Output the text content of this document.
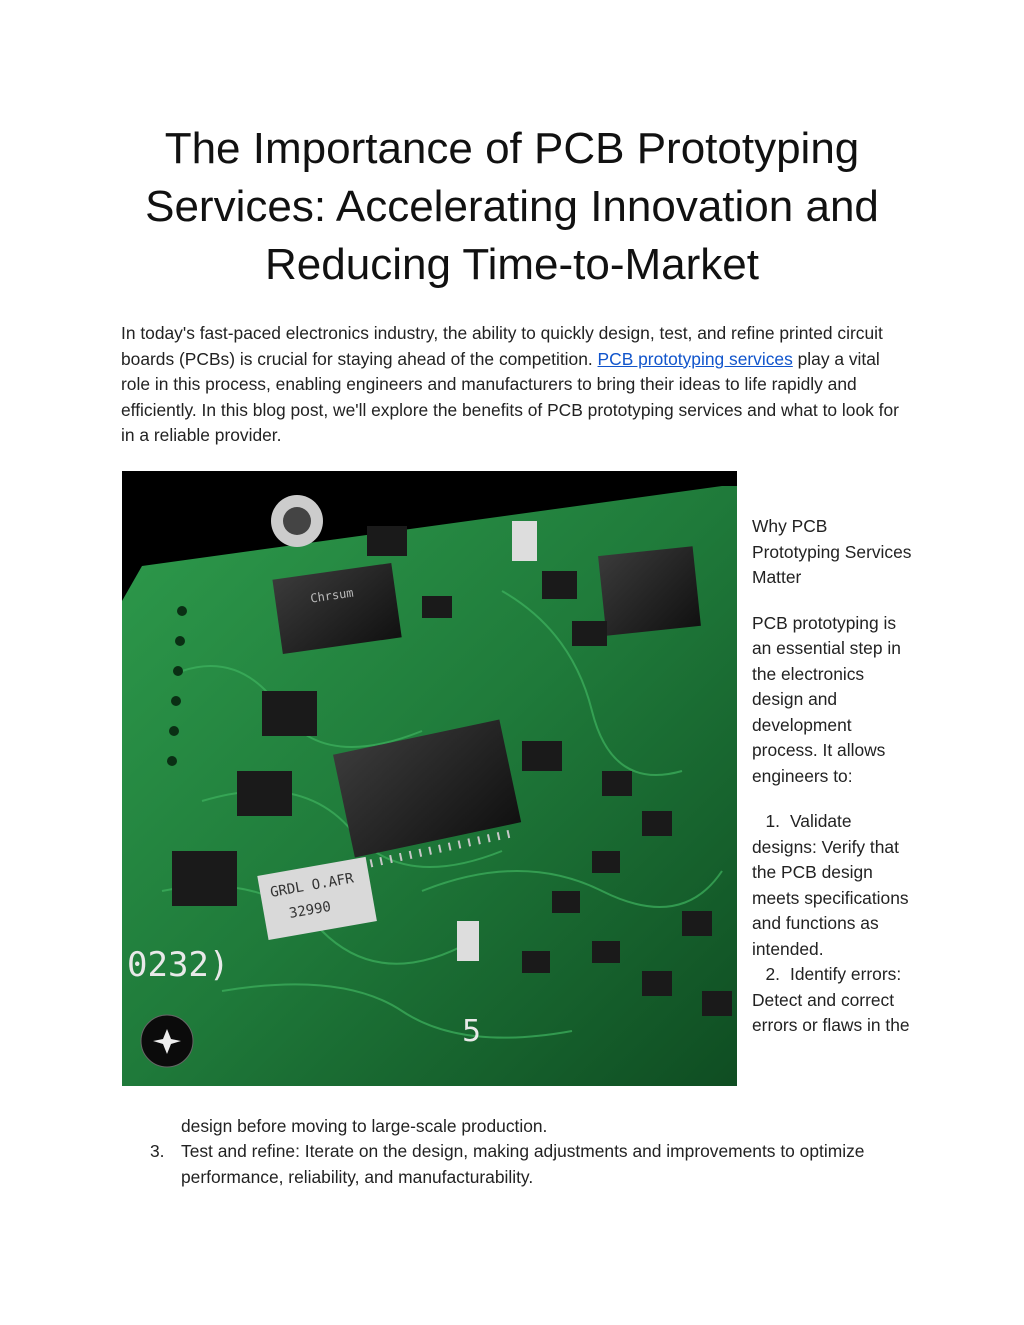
The Importance of PCB Prototyping Services: Accelerating Innovation and Reducing Time-to-Market

In today's fast-paced electronics industry, the ability to quickly design, test, and refine printed circuit boards (PCBs) is crucial for staying ahead of the competition. PCB prototyping services play a vital role in this process, enabling engineers and manufacturers to bring their ideas to life rapidly and efficiently. In this blog post, we'll explore the benefits of PCB prototyping services and what to look for in a reliable provider.

Chrsum
GRDL O.AFR
32990
0232)
5

Why PCB Prototyping Services Matter

PCB prototyping is an essential step in the electronics design and development process. It allows engineers to:

1. Validate designs: Verify that the PCB design meets specifications and functions as intended.

2. Identify errors: Detect and correct errors or flaws in the

design before moving to large-scale production.
3. Test and refine: Iterate on the design, making adjustments and improvements to optimize performance, reliability, and manufacturability.
